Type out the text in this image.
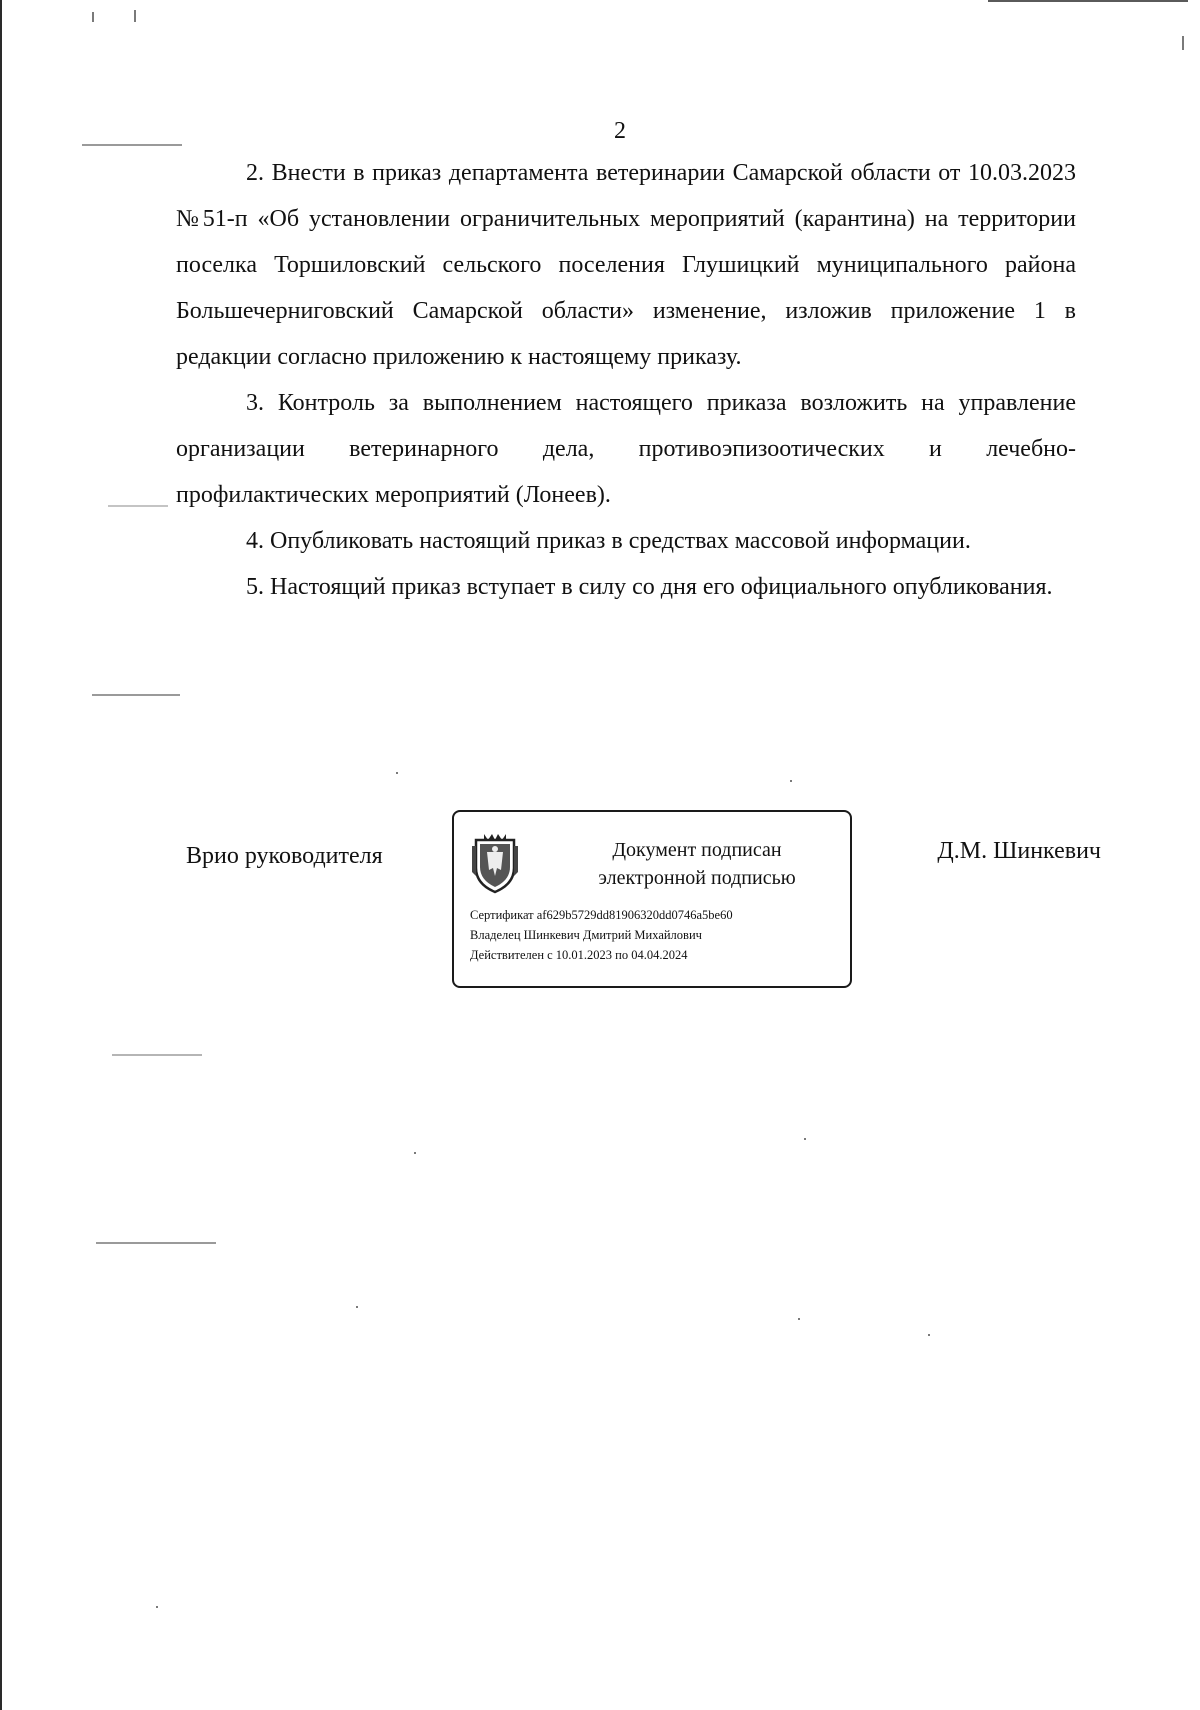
2

2. Внести в приказ департамента ветеринарии Самарской области от 10.03.2023 №51-п «Об установлении ограничительных мероприятий (карантина) на территории поселка Торшиловский сельского поселения Глушицкий муниципального района Большечерниговский Самарской области» изменение, изложив приложение 1 в редакции согласно приложению к настоящему приказу.

3. Контроль за выполнением настоящего приказа возложить на управление организации ветеринарного дела, противоэпизоотических и лечебно-профилактических мероприятий (Лонеев).

4. Опубликовать настоящий приказ в средствах массовой информации.

5. Настоящий приказ вступает в силу со дня его официального опубликования.

Врио руководителя	Документ подписан
электронной подписью
Сертификат af629b5729dd81906320dd0746a5be60
Владелец Шинкевич Дмитрий Михайлович
Действителен с 10.01.2023 по 04.04.2024
Д.М. Шинкевич
